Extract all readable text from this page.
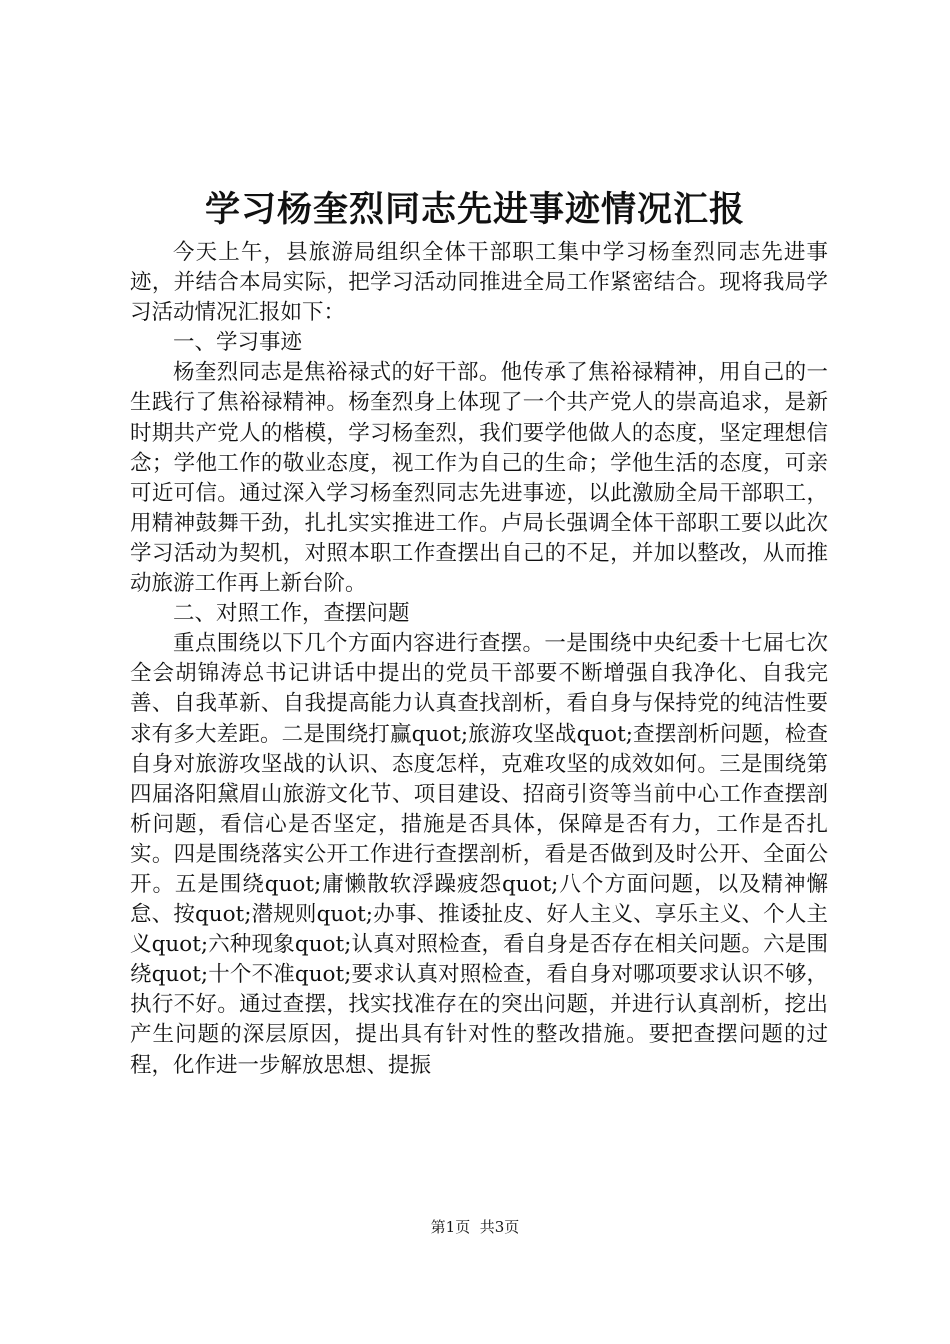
学习杨奎烈同志先进事迹情况汇报

今天上午，县旅游局组织全体干部职工集中学习杨奎烈同志先进事迹，并结合本局实际，把学习活动同推进全局工作紧密结合。现将我局学习活动情况汇报如下：

一、学习事迹

杨奎烈同志是焦裕禄式的好干部。他传承了焦裕禄精神，用自己的一生践行了焦裕禄精神。杨奎烈身上体现了一个共产党人的崇高追求，是新时期共产党人的楷模，学习杨奎烈，我们要学他做人的态度，坚定理想信念；学他工作的敬业态度，视工作为自己的生命；学他生活的态度，可亲可近可信。通过深入学习杨奎烈同志先进事迹，以此激励全局干部职工，用精神鼓舞干劲，扎扎实实推进工作。卢局长强调全体干部职工要以此次学习活动为契机，对照本职工作查摆出自己的不足，并加以整改，从而推动旅游工作再上新台阶。

二、对照工作，查摆问题

重点围绕以下几个方面内容进行查摆。一是围绕中央纪委十七届七次全会胡锦涛总书记讲话中提出的党员干部要不断增强自我净化、自我完善、自我革新、自我提高能力认真查找剖析，看自身与保持党的纯洁性要求有多大差距。二是围绕打赢quot;旅游攻坚战quot;查摆剖析问题，检查自身对旅游攻坚战的认识、态度怎样，克难攻坚的成效如何。三是围绕第四届洛阳黛眉山旅游文化节、项目建设、招商引资等当前中心工作查摆剖析问题，看信心是否坚定，措施是否具体，保障是否有力，工作是否扎实。四是围绕落实公开工作进行查摆剖析，看是否做到及时公开、全面公开。五是围绕quot;庸懒散软浮躁疲怨quot;八个方面问题，以及精神懈怠、按quot;潜规则quot;办事、推诿扯皮、好人主义、享乐主义、个人主义quot;六种现象quot;认真对照检查，看自身是否存在相关问题。六是围绕quot;十个不准quot;要求认真对照检查，看自身对哪项要求认识不够，执行不好。通过查摆，找实找准存在的突出问题，并进行认真剖析，挖出产生问题的深层原因，提出具有针对性的整改措施。要把查摆问题的过程，化作进一步解放思想、提振

第1页 共3页
